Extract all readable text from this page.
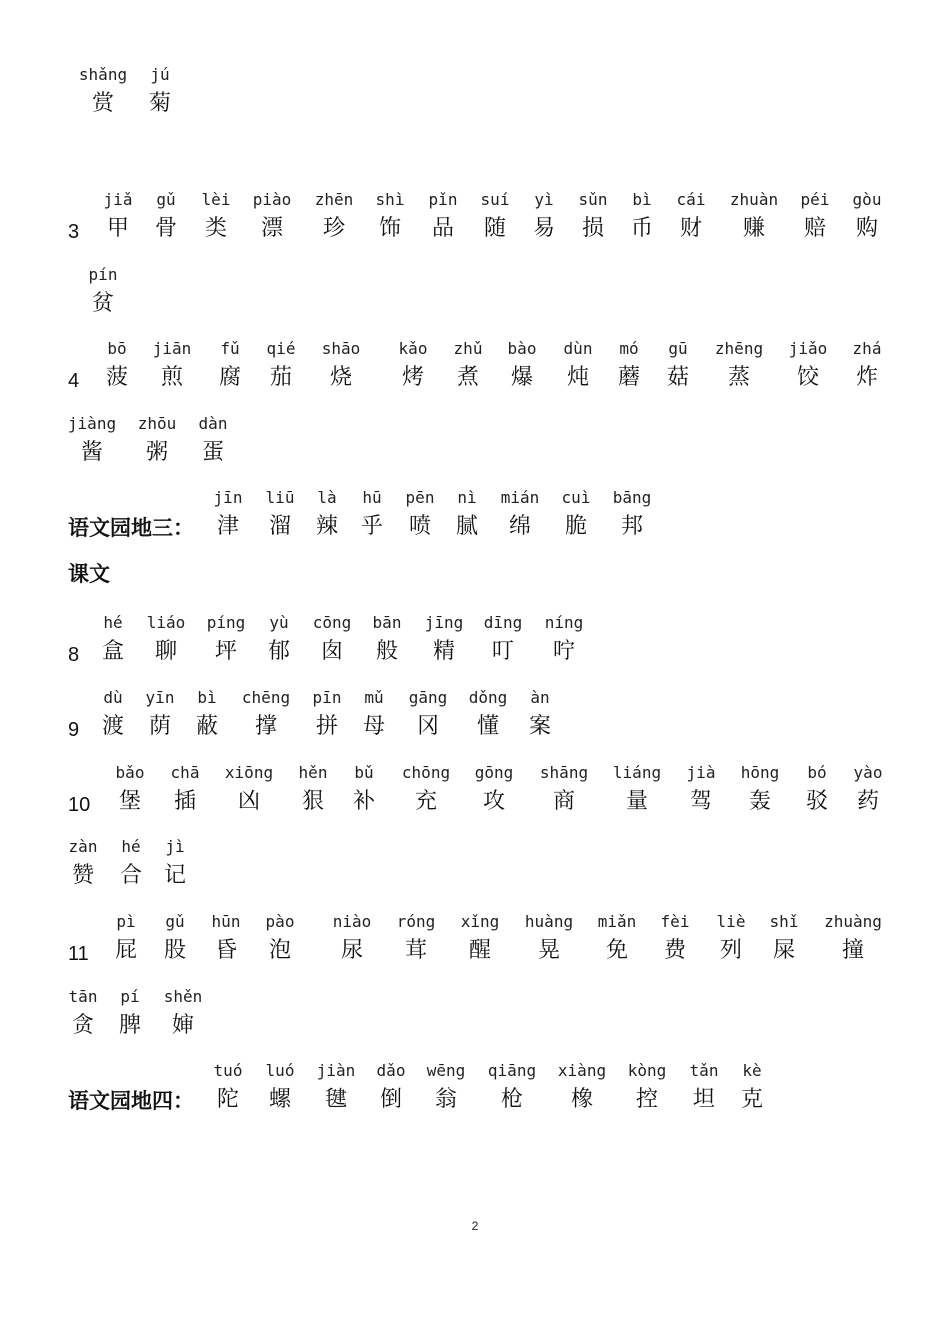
shǎng
赏
jú
菊
3
jiǎ
甲
gǔ
骨
lèi
类
piào
漂
zhēn
珍
shì
饰
pǐn
品
suí
随
yì
易
sǔn
损
bì
币
cái
财
zhuàn
赚
péi
赔
gòu
购
pín
贫
4
bō
菠
jiān
煎
fǔ
腐
qié
茄
shāo
烧
kǎo
烤
zhǔ
煮
bào
爆
dùn
炖
mó
蘑
gū
菇
zhēng
蒸
jiǎo
饺
zhá
炸
jiàng
酱
zhōu
粥
dàn
蛋
语文园地三：
jīn
津
liū
溜
là
辣
hū
乎
pēn
喷
nì
腻
mián
绵
cuì
脆
bāng
邦
8
hé
盒
liáo
聊
píng
坪
yù
郁
cōng
囱
bān
般
jīng
精
dīng
叮
níng
咛
9
dù
渡
yīn
荫
bì
蔽
chēng
撑
pīn
拼
mǔ
母
gāng
冈
dǒng
懂
àn
案
10
bǎo
堡
chā
插
xiōng
凶
hěn
狠
bǔ
补
chōng
充
gōng
攻
shāng
商
liáng
量
jià
驾
hōng
轰
bó
驳
yào
药
zàn
赞
hé
合
jì
记
11
pì
屁
gǔ
股
hūn
昏
pào
泡
niào
尿
róng
茸
xǐng
醒
huàng
晃
miǎn
免
fèi
费
liè
列
shǐ
屎
zhuàng
撞
tān
贪
pí
脾
shěn
婶
语文园地四：
tuó
陀
luó
螺
jiàn
毽
dǎo
倒
wēng
翁
qiāng
枪
xiàng
橡
kòng
控
tǎn
坦
kè
克
课文
2
